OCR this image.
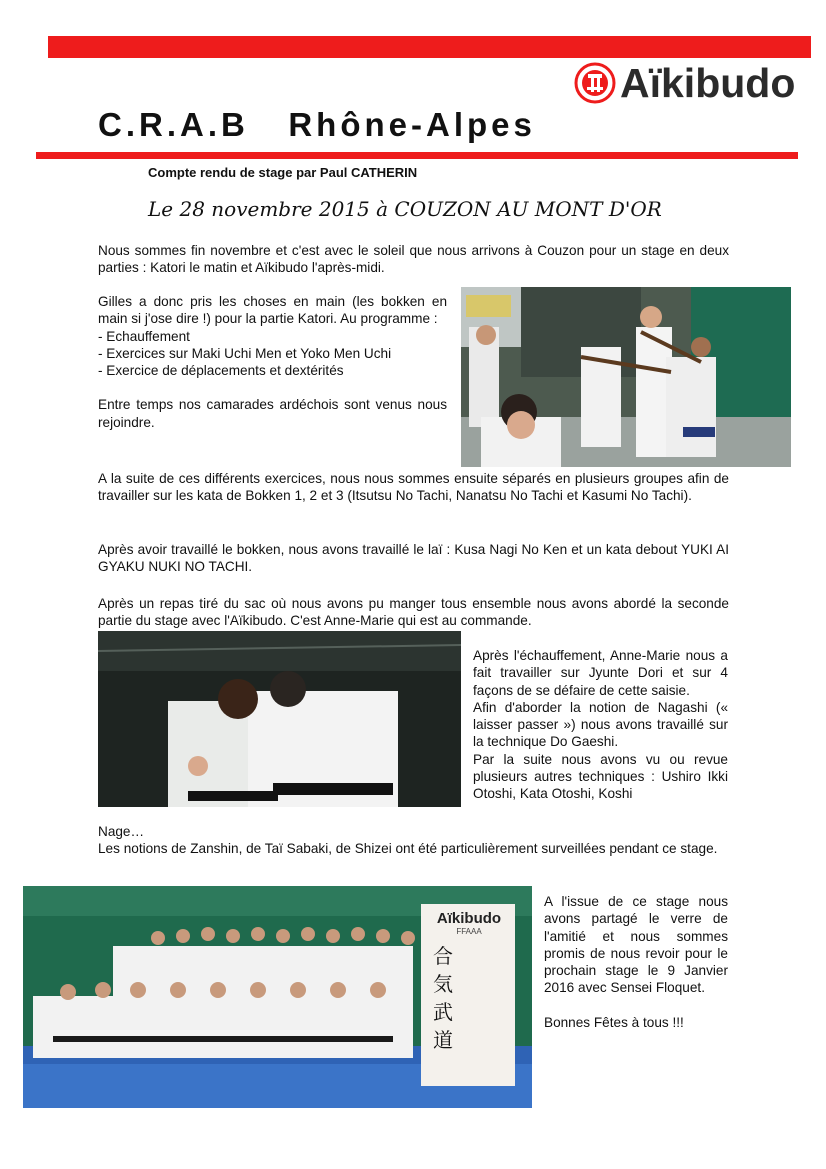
Aïkibudo
C.R.A.B   Rhône-Alpes
Compte rendu de stage par Paul CATHERIN
Le 28 novembre 2015 à COUZON AU MONT D'OR

Nous sommes fin novembre et c'est avec le soleil que nous arrivons à Couzon pour un stage en deux parties : Katori le matin et Aïkibudo l'après-midi.

Gilles a donc pris les choses en main (les bokken en main si j'ose dire !) pour la partie Katori. Au programme :

- Echauffement
- Exercices sur Maki Uchi Men et Yoko Men Uchi
- Exercice de déplacements et dextérités

Entre temps nos camarades ardéchois sont venus nous rejoindre.

A la suite de ces différents exercices, nous nous sommes ensuite séparés en plusieurs groupes afin de travailler sur les kata de Bokken 1, 2 et 3 (Itsutsu No Tachi, Nanatsu No Tachi et Kasumi No Tachi).

Après avoir travaillé le bokken, nous avons travaillé le laï : Kusa Nagi No Ken et un kata debout YUKI AI GYAKU NUKI NO TACHI.

Après un repas tiré du sac où nous avons pu manger tous ensemble nous avons abordé la seconde partie du stage avec l'Aïkibudo. C'est Anne-Marie qui est au commande.

Après l'échauffement, Anne-Marie nous a fait travailler sur Jyunte Dori et sur 4 façons de se défaire de cette saisie.

Afin d'aborder la notion de Nagashi (« laisser passer ») nous avons travaillé sur la technique Do Gaeshi.

Par la suite nous avons vu ou revue plusieurs autres techniques : Ushiro Ikki Otoshi, Kata Otoshi, Koshi

Nage…

Les notions de Zanshin, de Taï Sabaki, de Shizei ont été particulièrement surveillées pendant ce stage.

Aïkibudo
FFAAA
合
気
武
道

A l'issue de ce stage nous avons partagé le verre de l'amitié et nous sommes promis de nous revoir pour le prochain stage le 9 Janvier 2016 avec Sensei Floquet.

Bonnes Fêtes à tous !!!
